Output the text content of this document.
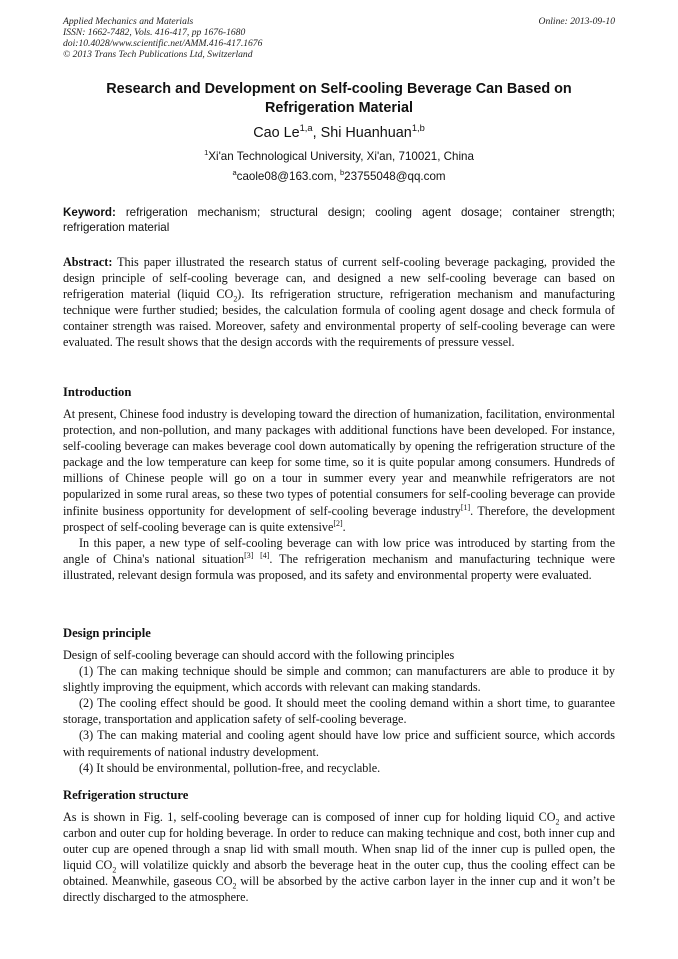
Applied Mechanics and Materials
ISSN: 1662-7482, Vols. 416-417, pp 1676-1680
doi:10.4028/www.scientific.net/AMM.416-417.1676
© 2013 Trans Tech Publications Ltd, Switzerland
Online: 2013-09-10
Research and Development on Self-cooling Beverage Can Based on Refrigeration Material
Cao Le$^{1,a}$, Shi Huanhuan$^{1,b}$
$^1$Xi'an Technological University, Xi'an, 710021, China
$^a$caole08@163.com, $^b$23755048@qq.com
Keyword: refrigeration mechanism; structural design; cooling agent dosage; container strength; refrigeration material
Abstract: This paper illustrated the research status of current self-cooling beverage packaging, provided the design principle of self-cooling beverage can, and designed a new self-cooling beverage can based on refrigeration material (liquid $CO_2$). Its refrigeration structure, refrigeration mechanism and manufacturing technique were further studied; besides, the calculation formula of cooling agent dosage and check formula of container strength was raised. Moreover, safety and environmental property of self-cooling beverage can were evaluated. The result shows that the design accords with the requirements of pressure vessel.
Introduction

At present, Chinese food industry is developing toward the direction of humanization, facilitation, environmental protection, and non-pollution, and many packages with additional functions have been developed. For instance, self-cooling beverage can makes beverage cool down automatically by opening the refrigeration structure of the package and the low temperature can keep for some time, so it is quite popular among consumers. Hundreds of millions of Chinese people will go on a tour in summer every year and meanwhile refrigerators are not popularized in some rural areas, so these two types of potential consumers for self-cooling beverage can provide infinite business opportunity for development of self-cooling beverage industry[1]. Therefore, the development prospect of self-cooling beverage can is quite extensive[2].

In this paper, a new type of self-cooling beverage can with low price was introduced by starting from the angle of China's national situation[3] [4]. The refrigeration mechanism and manufacturing technique were illustrated, relevant design formula was proposed, and its safety and environmental property were evaluated.

Design principle

Design of self-cooling beverage can should accord with the following principles

(1) The can making technique should be simple and common; can manufacturers are able to produce it by slightly improving the equipment, which accords with relevant can making standards.

(2) The cooling effect should be good. It should meet the cooling demand within a short time, to guarantee storage, transportation and application safety of self-cooling beverage.

(3) The can making material and cooling agent should have low price and sufficient source, which accords with requirements of national industry development.

(4) It should be environmental, pollution-free, and recyclable.

Refrigeration structure

As is shown in Fig. 1, self-cooling beverage can is composed of inner cup for holding liquid $CO_2$ and active carbon and outer cup for holding beverage. In order to reduce can making technique and cost, both inner cup and outer cup are opened through a snap lid with small mouth. When snap lid of the inner cup is pulled open, the liquid $CO_2$ will volatilize quickly and absorb the beverage heat in the outer cup, thus the cooling effect can be obtained. Meanwhile, gaseous $CO_2$ will be absorbed by the active carbon layer in the inner cup and it won’t be directly discharged to the atmosphere.
